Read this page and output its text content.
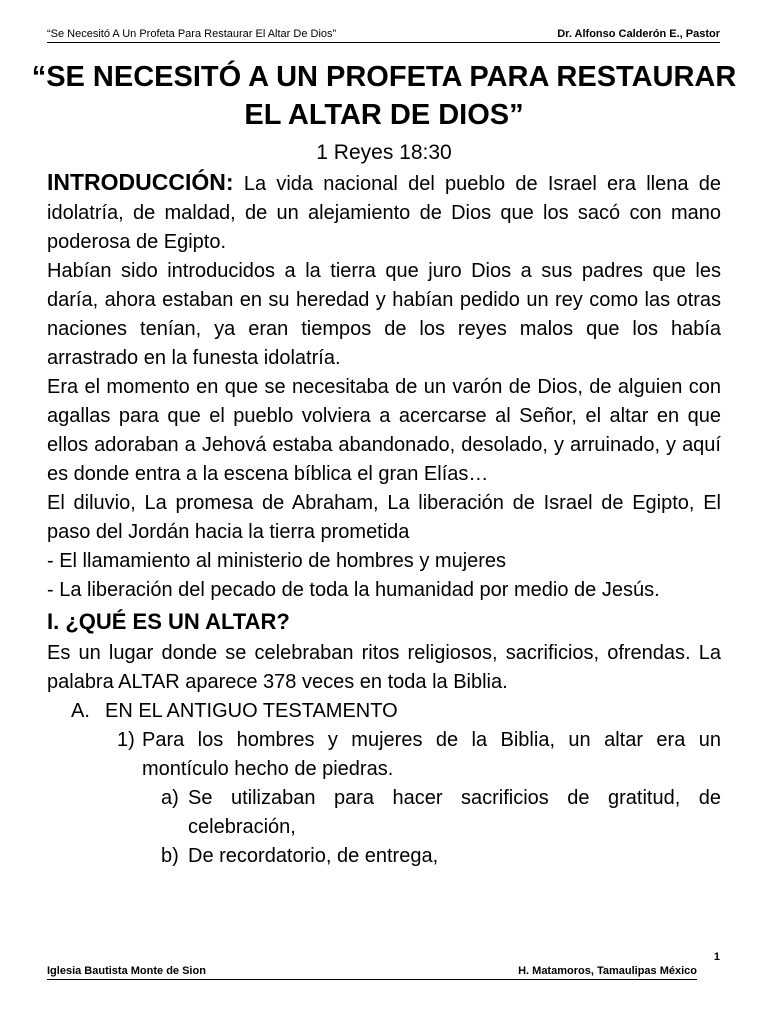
“Se Necesitó A Un Profeta Para Restaurar El Altar De Dios”	Dr. Alfonso Calderón E., Pastor
“SE NECESITÓ A UN PROFETA PARA RESTAURAR
EL ALTAR DE DIOS”
1 Reyes 18:30

INTRODUCCIÓN: La vida nacional del pueblo de Israel era llena de idolatría, de maldad, de un alejamiento de Dios que los sacó con mano poderosa de Egipto.

Habían sido introducidos a la tierra que juro Dios a sus padres que les daría, ahora estaban en su heredad y habían pedido un rey como las otras naciones tenían, ya eran tiempos de los reyes malos que los había arrastrado en la funesta idolatría.

Era el momento en que se necesitaba de un varón de Dios, de alguien con agallas para que el pueblo volviera a acercarse al Señor, el altar en que ellos adoraban a Jehová estaba abandonado, desolado, y arruinado, y aquí es donde entra a la escena bíblica el gran Elías…

El diluvio, La promesa de Abraham, La liberación de Israel de Egipto, El paso del Jordán hacia la tierra prometida

- El llamamiento al ministerio de hombres y mujeres

- La liberación del pecado de toda la humanidad por medio de Jesús.

I. ¿QUÉ ES UN ALTAR?

Es un lugar donde se celebraban ritos religiosos, sacrificios, ofrendas. La palabra ALTAR aparece 378 veces en toda la Biblia.

A. EN EL ANTIGUO TESTAMENTO
1) Para los hombres y mujeres de la Biblia, un altar era un montículo hecho de piedras.
a) Se utilizaban para hacer sacrificios de gratitud, de celebración,
b) De recordatorio, de entrega,
1
Iglesia Bautista Monte de Sion	H. Matamoros, Tamaulipas México
